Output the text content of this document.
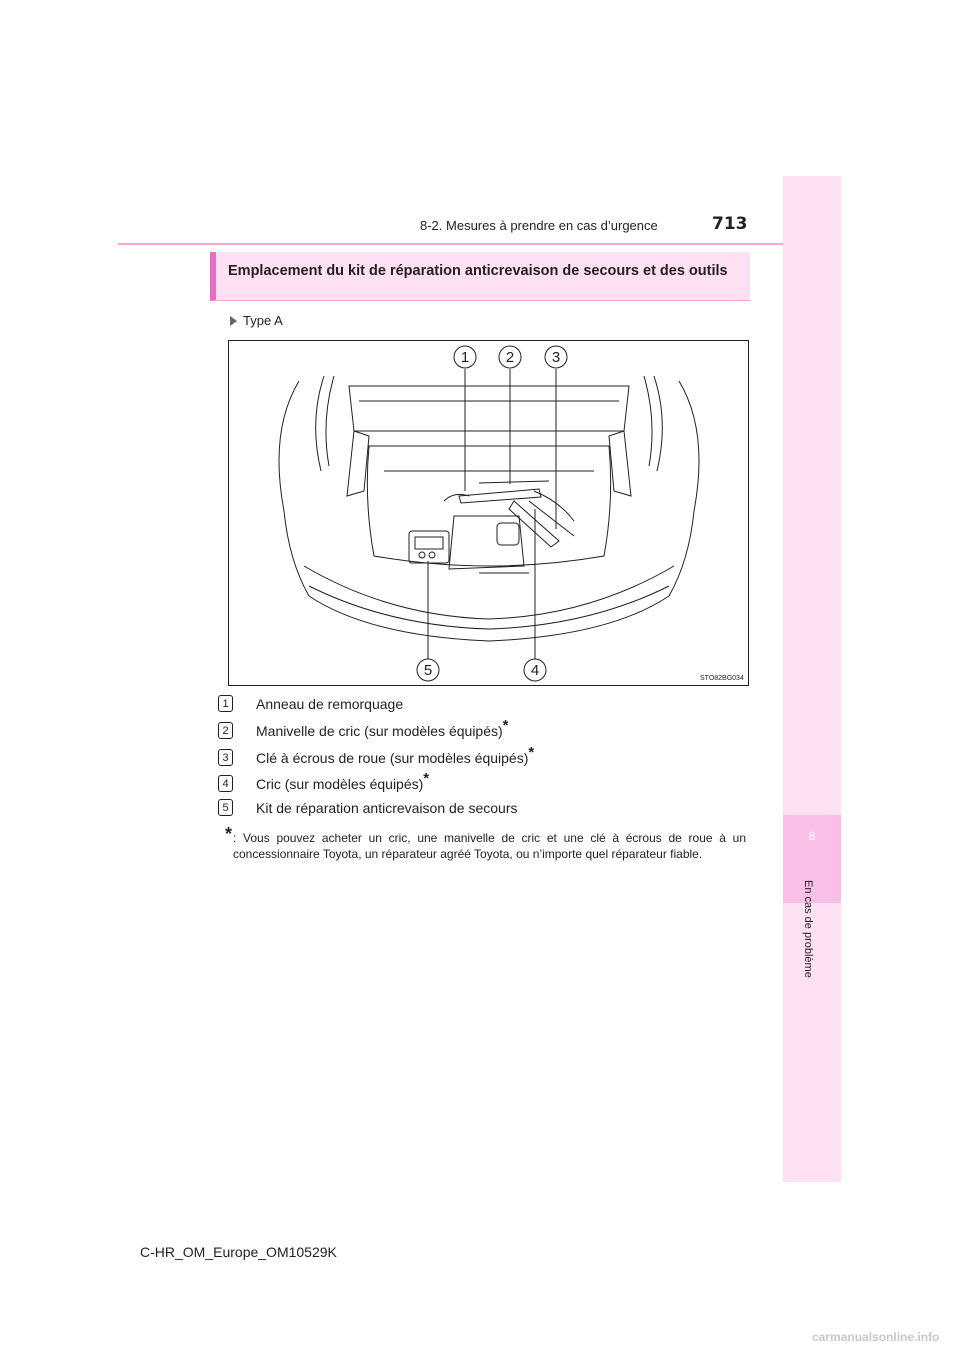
8-2. Mesures à prendre en cas d’urgence	713
8
En cas de problème
Emplacement du kit de réparation anticrevaison de secours et des outils
Type A
1 2	3
4
5	STO82BG034
1	Anneau de remorquage
2	Manivelle de cric (sur modèles équipés)*
3	Clé à écrous de roue (sur modèles équipés)*
4	Cric (sur modèles équipés)*
5	Kit de réparation anticrevaison de secours
* : Vous pouvez acheter un cric, une manivelle de cric et une clé à écrous de roue à un concessionnaire Toyota, un réparateur agréé Toyota, ou n’importe quel réparateur fiable.
C-HR_OM_Europe_OM10529K
carmanualsonline.info
